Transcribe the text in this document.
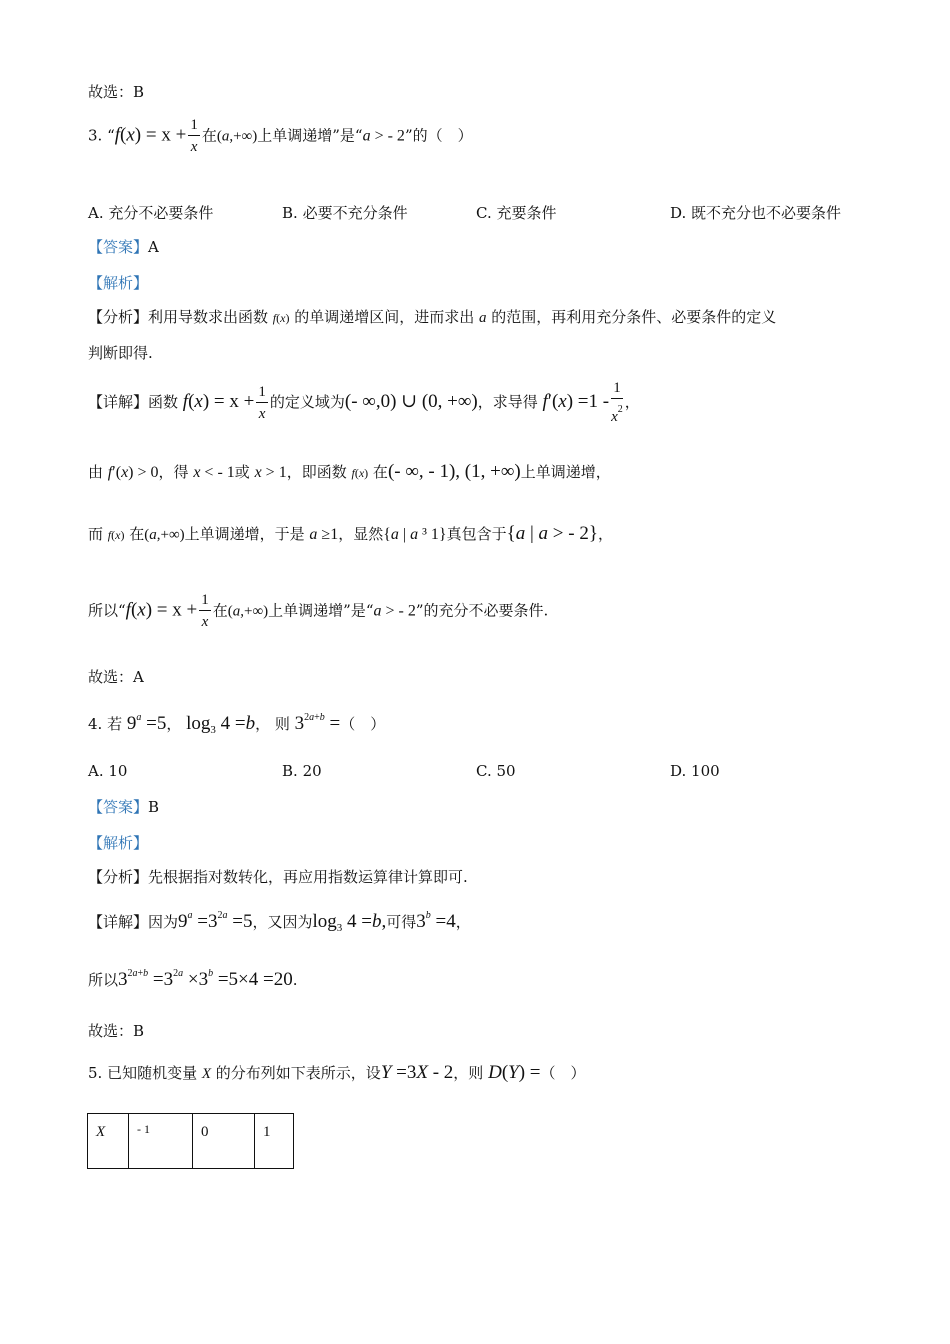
故选：B
3. “$f(x) = x + \frac{1}{x}$ 在(a,+∞)上单调递增”是“a > - 2”的（　）
A. 充分不必要条件	B. 必要不充分条件	C. 充要条件	D. 既不充分也不必要条件
【答案】A
【解析】
【分析】利用导数求出函数 f(x) 的单调递增区间，进而求出 a 的范围，再利用充分条件、必要条件的定义
判断即得.
【详解】函数 $f(x) = x + \frac{1}{x}$ 的定义域为(- ∞,0) ∪ (0, +∞)，求导得 $f'(x) =1 - \frac{1}{x^2}$ ，
由 f′(x) > 0，得 x < - 1或 x > 1，即函数 f(x) 在(- ∞, - 1), (1, +∞)上单调递增，
而 f(x) 在(a,+∞)上单调递增，于是 a ≥1，显然{a | a ³ 1}真包含于{a | a > - 2}，
所以“$f(x) = x + \frac{1}{x}$ 在(a,+∞)上单调递增”是“a > - 2”的充分不必要条件.
故选：A
4. 若 $9^a =5$， $\log_3 4 =b$， 则 $3^{2a+b}$ =（　）
A. 10	B. 20	C. 50	D. 100
【答案】B
【解析】
【分析】先根据指对数转化，再应用指数运算律计算即可.
【详解】因为$9^a =3^{2a} =5$，又因为$\log_3 4 =b$,可得$3^b =4$，
所以$3^{2a+b} =3^{2a} \times 3^b =5\times 4 =20$.
故选：B
5. 已知随机变量 X 的分布列如下表所示，设Y =3X - 2，则 D(Y) =（　）
X	- 1	0	1
